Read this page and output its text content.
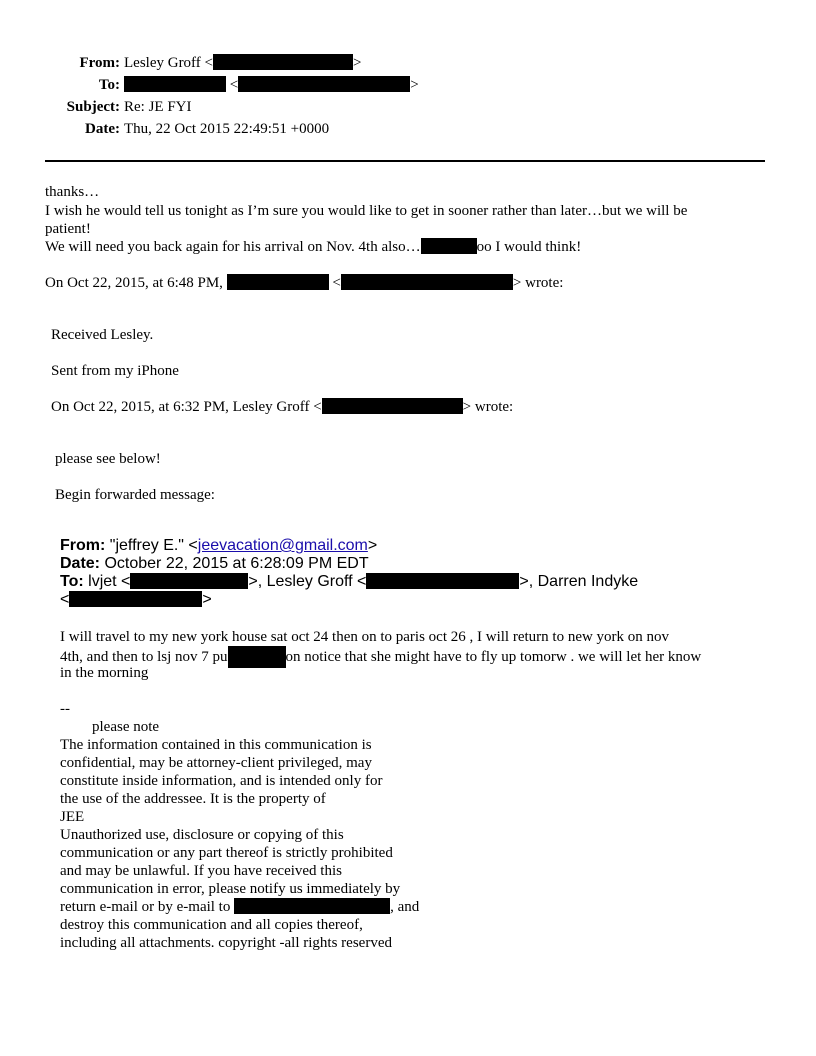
From: Lesley Groff <	>
To:	<	>
Subject: Re: JE FYI
Date: Thu, 22 Oct 2015 22:49:51 +0000
thanks…
I wish he would tell us tonight as I’m sure you would like to get in sooner rather than later…but we will be
patient!
We will need you back again for his arrival on Nov. 4th also…	oo I would think!
On Oct 22, 2015, at 6:48 PM,	<	> wrote:
Received Lesley.
Sent from my iPhone
On Oct 22, 2015, at 6:32 PM, Lesley Groff <	> wrote:
please see below!
Begin forwarded message:
From: "jeffrey E." <jeevacation@gmail.com>
Date: October 22, 2015 at 6:28:09 PM EDT
To: lvjet <	>, Lesley Groff <	>, Darren Indyke
<	>
I will travel to my new york house sat oct 24 then on to paris oct 26 , I will return to new york on nov
4th, and then to lsj nov 7 pu	on notice that she might have to fly up tomorw . we will let her know
in the morning
--
please note
The information contained in this communication is
confidential, may be attorney-client privileged, may
constitute inside information, and is intended only for
the use of the addressee. It is the property of
JEE
Unauthorized use, disclosure or copying of this
communication or any part thereof is strictly prohibited
and may be unlawful. If you have received this
communication in error, please notify us immediately by
return e-mail or by e-mail to	, and
destroy this communication and all copies thereof,
including all attachments. copyright -all rights reserved
